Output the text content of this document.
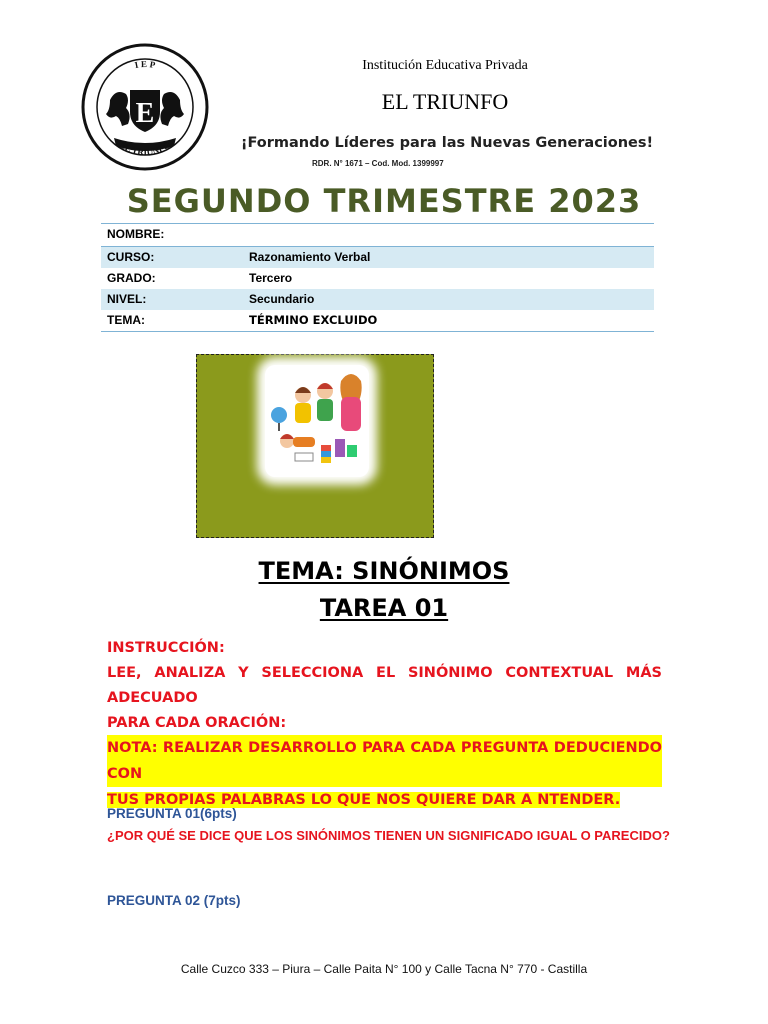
E
I E P
EL TRIUNFO
Institución Educativa Privada
EL TRIUNFO
¡Formando Líderes para las Nuevas Generaciones!
RDR. N° 1671 – Cod. Mod. 1399997
SEGUNDO TRIMESTRE 2023
NOMBRE:
CURSO:	Razonamiento Verbal
GRADO:	Tercero
NIVEL:	Secundario
TEMA:	TÉRMINO EXCLUIDO
TEMA: SINÓNIMOS
TAREA 01
INSTRUCCIÓN:
LEE, ANALIZA Y SELECCIONA EL SINÓNIMO CONTEXTUAL MÁS ADECUADO
PARA CADA ORACIÓN:
NOTA: REALIZAR DESARROLLO PARA CADA PREGUNTA DEDUCIENDO CON
TUS PROPIAS PALABRAS LO QUE NOS QUIERE DAR A NTENDER.
PREGUNTA 01(6pts)
¿POR QUÉ SE DICE QUE LOS SINÓNIMOS TIENEN UN SIGNIFICADO IGUAL O PARECIDO?
PREGUNTA 02 (7pts)
Calle Cuzco 333 – Piura – Calle Paita N° 100 y Calle Tacna N° 770 - Castilla
